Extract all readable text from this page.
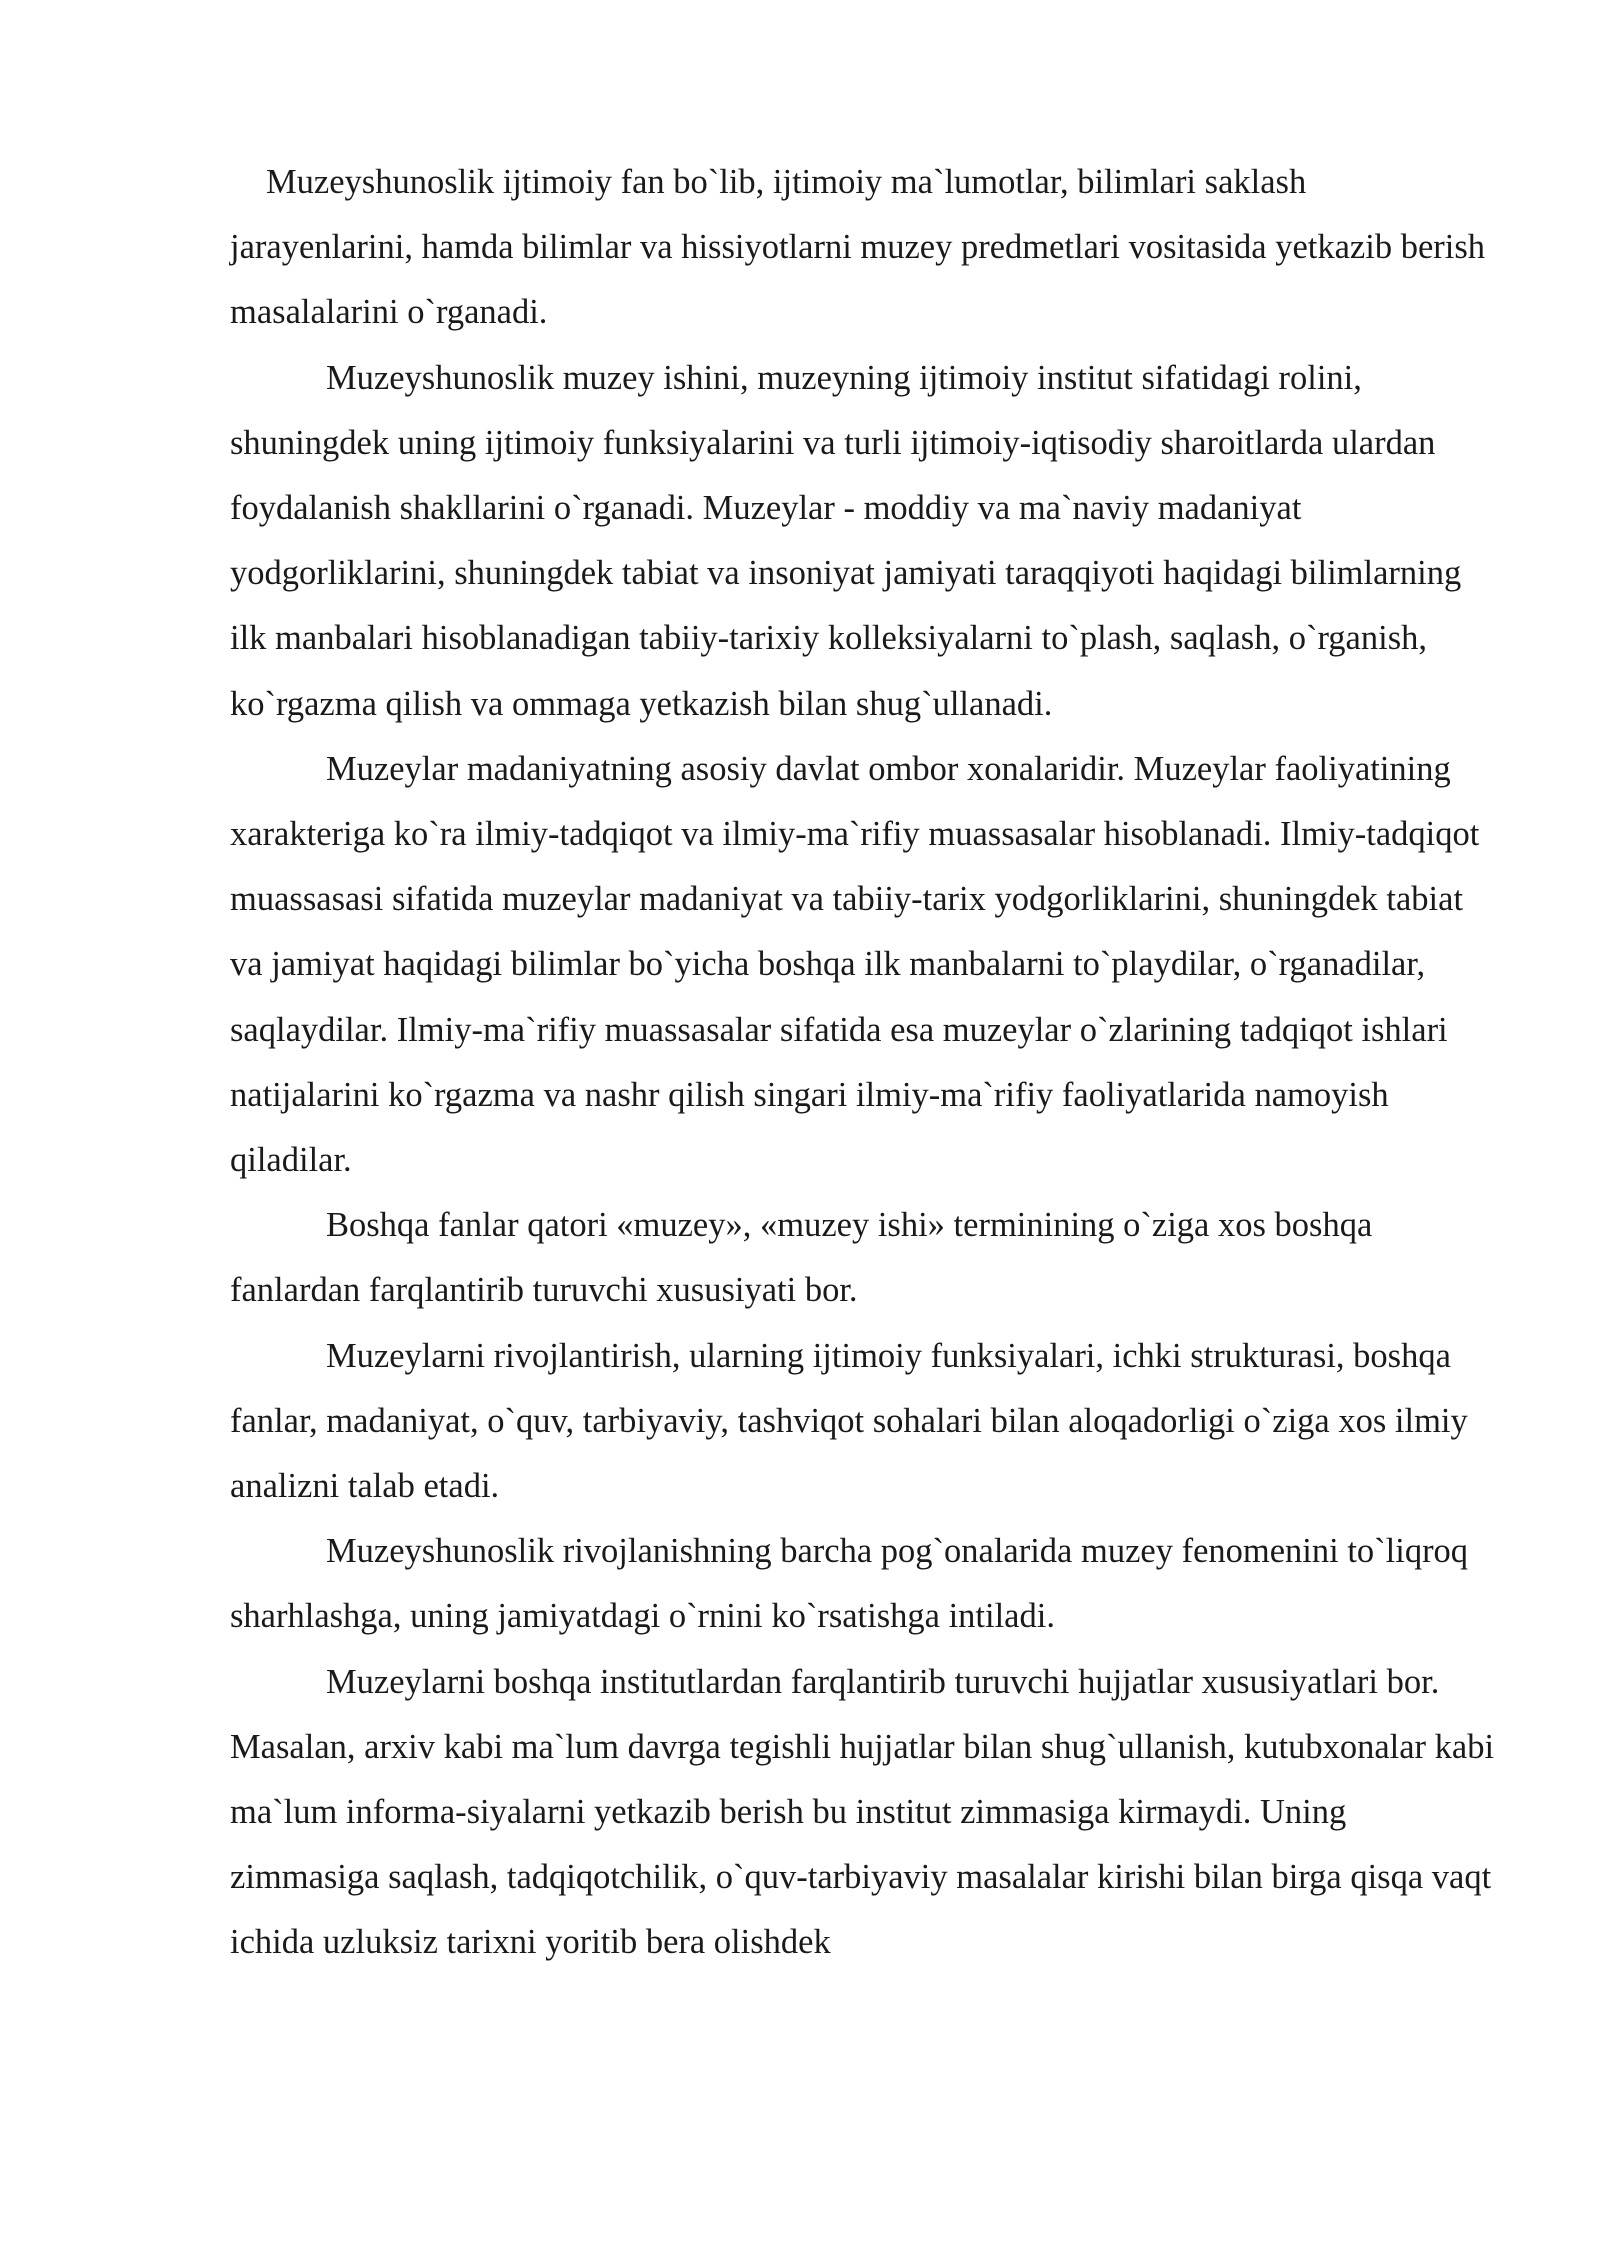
Muzeyshunoslik ijtimoiy fan bo`lib, ijtimoiy ma`lumotlar, bilimlari saklash jarayenlarini, hamda bilimlar va hissiyotlarni muzey predmetlari vositasida yetkazib berish masalalarini o`rganadi.

Muzeyshunoslik muzey ishini, muzeyning ijtimoiy institut sifatidagi rolini, shuningdek uning ijtimoiy funksiyalarini va turli ijtimoiy-iqtisodiy sharoitlarda ulardan foydalanish shakllarini o`rganadi. Muzeylar - moddiy va ma`naviy madaniyat yodgorliklarini, shuningdek tabiat va insoniyat jamiyati taraqqiyoti haqidagi bilimlarning ilk manbalari hisoblanadigan tabiiy-tarixiy kolleksiyalarni to`plash, saqlash, o`rganish, ko`rgazma qilish va ommaga yetkazish bilan shug`ullanadi.

Muzeylar madaniyatning asosiy davlat ombor xonalaridir. Muzeylar faoliyatining xarakteriga ko`ra ilmiy-tadqiqot va ilmiy-ma`rifiy muassasalar hisoblanadi. Ilmiy-tadqiqot muassasasi sifatida muzeylar madaniyat va tabiiy-tarix yodgorliklarini, shuningdek tabiat va jamiyat haqidagi bilimlar bo`yicha boshqa ilk manbalarni to`playdilar, o`rganadilar, saqlaydilar. Ilmiy-ma`rifiy muassasalar sifatida esa muzeylar o`zlarining tadqiqot ishlari natijalarini ko`rgazma va nashr qilish singari ilmiy-ma`rifiy faoliyatlarida namoyish qiladilar.

Boshqa fanlar qatori «muzey», «muzey ishi» terminining o`ziga xos boshqa fanlardan farqlantirib turuvchi xususiyati bor.

Muzeylarni rivojlantirish, ularning ijtimoiy funksiyalari, ichki strukturasi, boshqa fanlar, madaniyat, o`quv, tarbiyaviy, tashviqot sohalari bilan aloqadorligi o`ziga xos ilmiy analizni talab etadi.

Muzeyshunoslik rivojlanishning barcha pog`onalarida muzey fenomenini to`liqroq sharhlashga, uning jamiyatdagi o`rnini ko`rsatishga intiladi.

Muzeylarni boshqa institutlardan farqlantirib turuvchi hujjatlar xususiyatlari bor. Masalan, arxiv kabi ma`lum davrga tegishli hujjatlar bilan shug`ullanish, kutubxonalar kabi ma`lum informa-siyalarni yetkazib berish bu institut zimmasiga kirmaydi. Uning zimmasiga saqlash, tadqiqotchilik, o`quv-tarbiyaviy masalalar kirishi bilan birga qisqa vaqt ichida uzluksiz tarixni yoritib bera olishdek
